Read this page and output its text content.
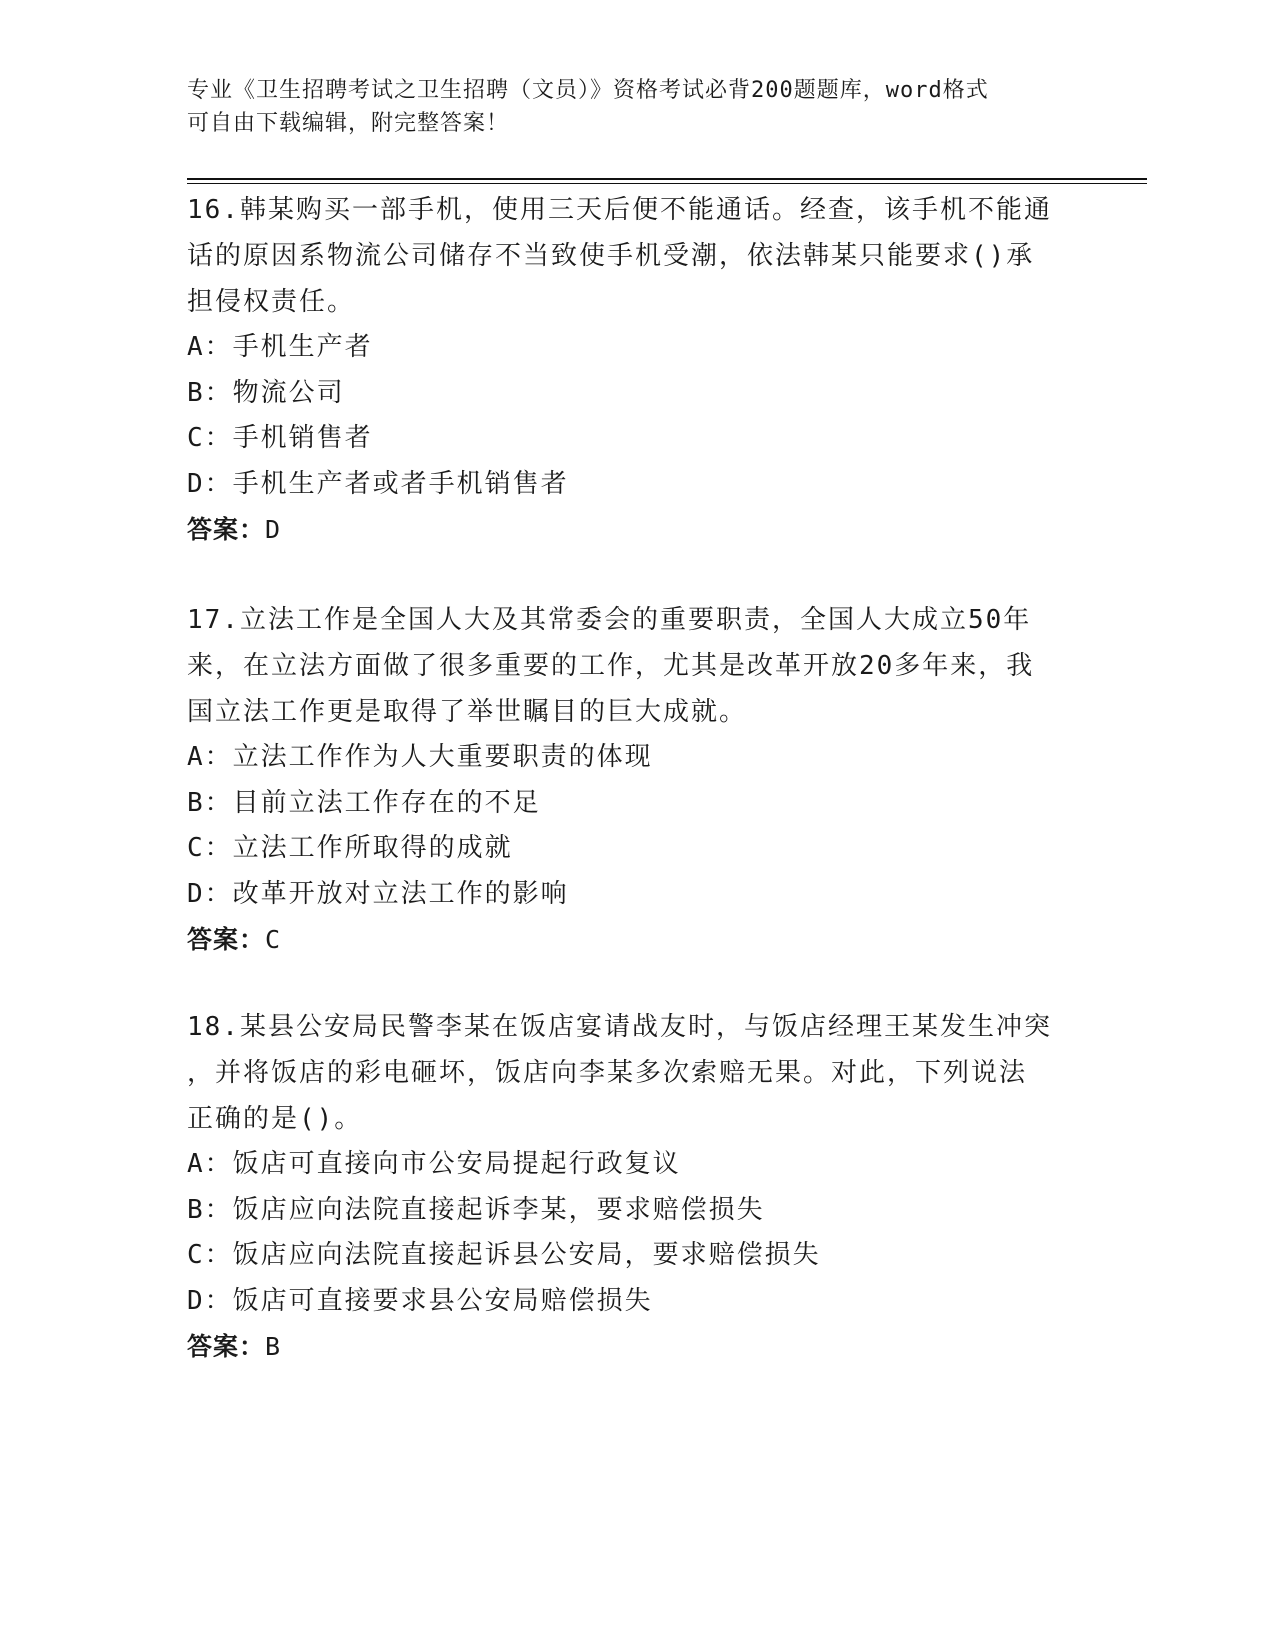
专业《卫生招聘考试之卫生招聘（文员）》资格考试必背200题题库，word格式
可自由下载编辑，附完整答案！

16.韩某购买一部手机，使用三天后便不能通话。经查，该手机不能通

话的原因系物流公司储存不当致使手机受潮，依法韩某只能要求()承

担侵权责任。

A：手机生产者

B：物流公司

C：手机销售者

D：手机生产者或者手机销售者

答案：D

17.立法工作是全国人大及其常委会的重要职责，全国人大成立50年

来，在立法方面做了很多重要的工作，尤其是改革开放20多年来，我

国立法工作更是取得了举世瞩目的巨大成就。

A：立法工作作为人大重要职责的体现

B：目前立法工作存在的不足

C：立法工作所取得的成就

D：改革开放对立法工作的影响

答案：C

18.某县公安局民警李某在饭店宴请战友时，与饭店经理王某发生冲突

，并将饭店的彩电砸坏，饭店向李某多次索赔无果。对此，下列说法

正确的是()。

A：饭店可直接向市公安局提起行政复议

B：饭店应向法院直接起诉李某，要求赔偿损失

C：饭店应向法院直接起诉县公安局，要求赔偿损失

D：饭店可直接要求县公安局赔偿损失

答案：B
